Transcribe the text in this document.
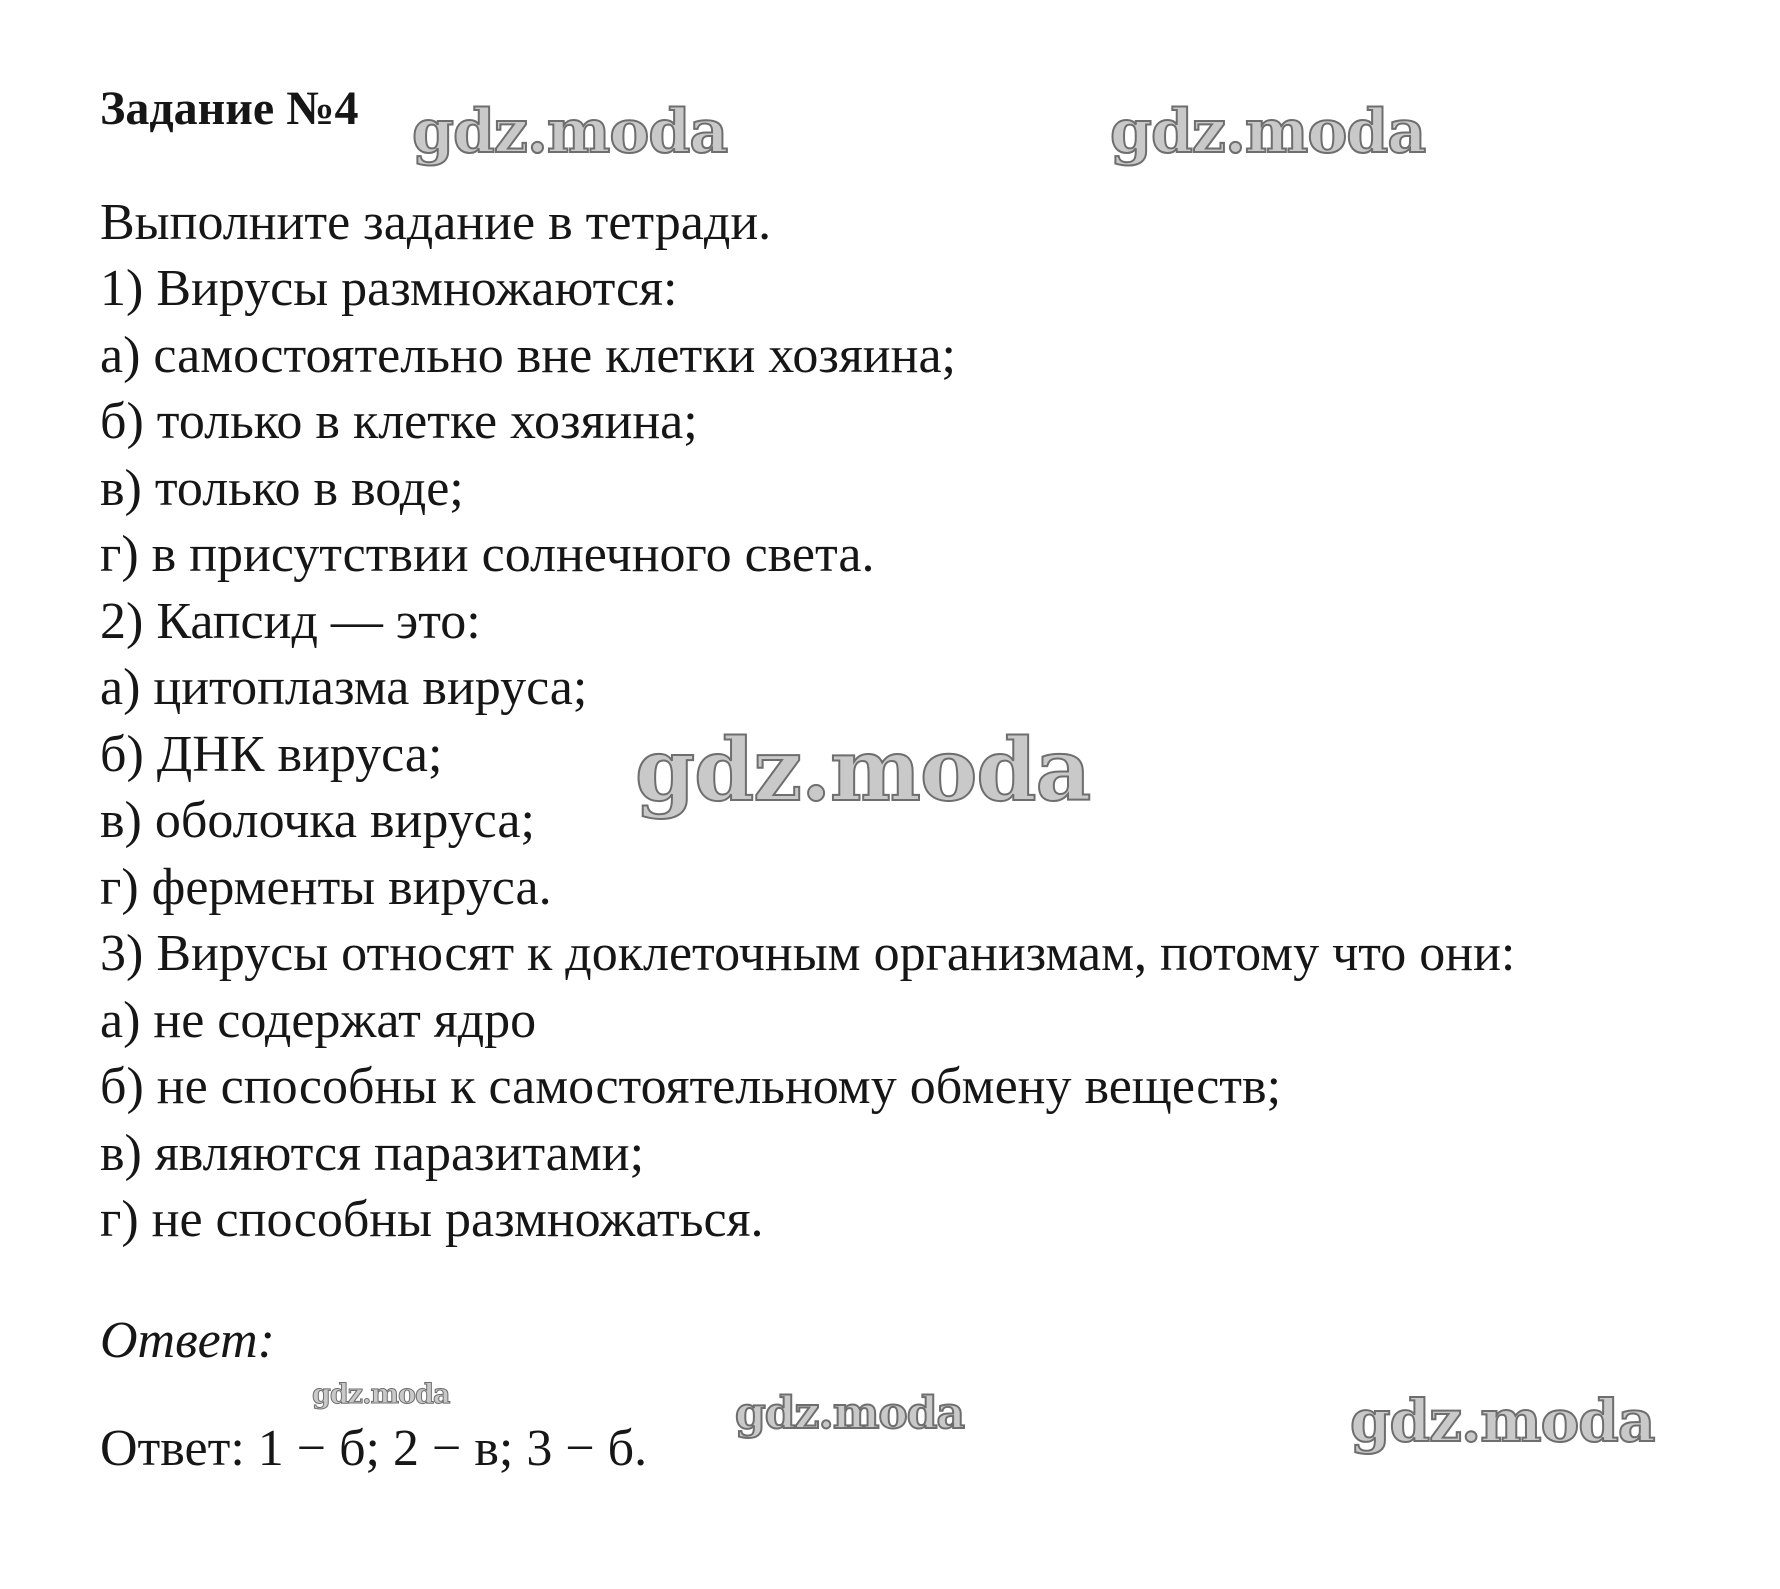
Задание №4
Выполните задание в тетради.
1) Вирусы размножаются:
а) самостоятельно вне клетки хозяина;
б) только в клетке хозяина;
в) только в воде;
г) в присутствии солнечного света.
2) Капсид — это:
а) цитоплазма вируса;
б) ДНК вируса;
в) оболочка вируса;
г) ферменты вируса.
3) Вирусы относят к доклеточным организмам, потому что они:
а) не содержат ядро
б) не способны к самостоятельному обмену веществ;
в) являются паразитами;
г) не способны размножаться.
Ответ:
Ответ: 1 − б; 2 − в; 3 − б.
gdz.moda	gdz.moda
gdz.moda
gdz.moda	gdz.moda	gdz.moda
